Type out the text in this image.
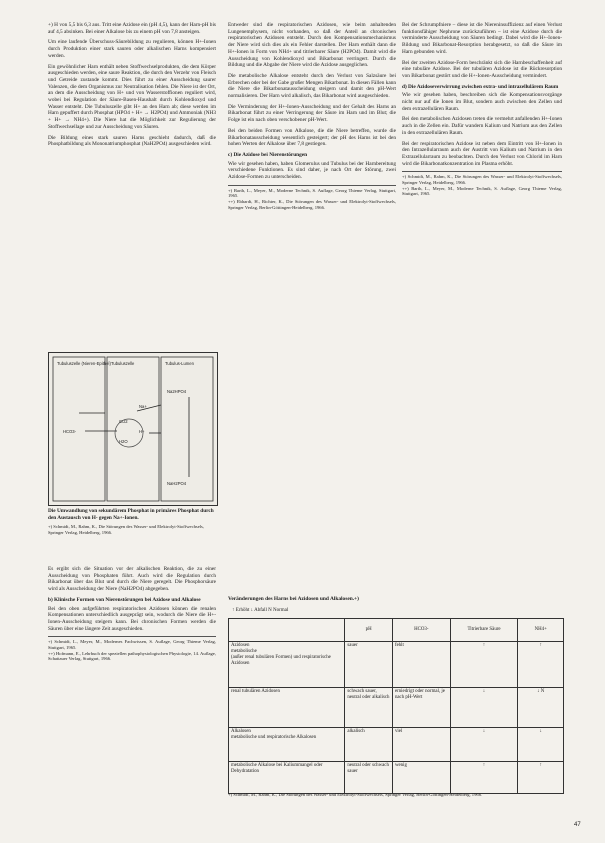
+) H von 5,5 bis 6,3 aus. Tritt eine Azidose ein (pH 4,5), kann der Harn-pH bis auf 4,5 absinken. Bei einer Alkalose bis zu einem pH von 7,8 ansteigen.

Um eine laufende Überschuss-Säurebildung zu regulieren, können H+-Ionen durch Produktion einer stark sauren oder alkalischen Harns kompensiert werden.

Ein gewöhnlicher Harn enthält neben Stoffwechselprodukten, die dem Körper ausgeschieden werden, eine saure Reaktion, die durch den Verzehr von Fleisch und Getreide zustande kommt. Dies führt zu einer Ausscheidung saurer Valenzen, die dem Organismus zur Neutralisation fehlen. Die Niere ist der Ort, an dem die Ausscheidung von H+ und von Wasserstoffionen reguliert wird, wobei bei Regulation der Säure-Basen-Haushalt durch Kohlendioxyd und Wasser entsteht. Die Tubuluszelle gibt H+ an den Harn ab; diese werden im Harn gepuffert durch Phosphat (HPO4 + H+ → H2PO4) und Ammoniak (NH3 + H+ → NH4+). Die Niere hat die Möglichkeit zur Regulierung der Stoffwechsellage und zur Ausscheidung von Säuren.

Die Bildung eines stark sauren Harns geschieht dadurch, daß die Phosphatbildung als Mononatriumphosphat (NaH2PO4) ausgeschieden wird.

Tubuluszelle (Nieren-Epithel) Tubuluszelle	Tubulus-Lumen
Na2HPO4
NaH2PO4
CO2
H2O
H+
HCO3-
Na+
Die Umwandlung von sekundärem Phosphat in primäres Phosphat durch den Austausch von H- gegen Na+-Ionen.
+) Schmidt, M., Rahm, K., Die Störungen des Wasser- und Elektrolyt-Stoffwechsels, Springer Verlag, Heidelberg, 1966.

Es ergibt sich die Situation vor der alkalischen Reaktion, die zu einer Ausscheidung von Phosphaten führt. Auch wird die Regulation durch Bikarbonat über das Blut und durch die Niere geregelt. Die Phosphorsäure wird als Ausscheidung der Niere (NaH2PO4) abgegeben.

b) Klinische Formen von Nierenstörungen bei Azidose und Alkalose

Bei den oben aufgeführten respiratorischen Azidosen können die renalen Kompensationen unterschiedlich ausgeprägt sein, wodurch die Niere die H+-Ionen-Ausscheidung steigern kann. Bei chronischen Formen werden die Säuren über eine längere Zeit ausgeschieden.

+) Schmidt, L., Meyer, M., Modernes Fachwissen, S. Auflage, Georg Thieme Verlag, Stuttgart, 1965.
++) Hofmann, E., Lehrbuch der speziellen pathophysiologischen Physiologie, 14. Auflage, Schattauer Verlag, Stuttgart, 1966.

Entweder sind die respiratorischen Azidosen, wie beim anhaltenden Lungenemphysem, nicht vorhanden, so daß der Anteil an chronischen respiratorischen Azidosen entsteht. Durch den Kompensationsmechanismus der Niere wird sich dies als ein Fehler darstellen. Der Harn enthält dann die H+-Ionen in Form von NH4+ und titrierbarer Säure (H2PO4). Damit wird die Ausscheidung von Kohlendioxyd und Bikarbonat verringert. Durch die Bildung und die Abgabe der Niere wird die Azidose ausgeglichen.

Die metabolische Alkalose entsteht durch den Verlust von Salzsäure bei Erbrechen oder bei der Gabe großer Mengen Bikarbonat. In diesen Fällen kann die Niere die Bikarbonatausscheidung steigern und damit den pH-Wert normalisieren. Der Harn wird alkalisch, das Bikarbonat wird ausgeschieden.

Die Verminderung der H+-Ionen-Ausscheidung und der Gehalt des Harns an Bikarbonat führt zu einer Verringerung der Säure im Harn und im Blut; die Folge ist ein nach oben verschobener pH-Wert.

Bei den beiden Formen von Alkalose, die die Niere betreffen, wurde die Bikarbonatausscheidung wesentlich gesteigert; der pH des Harns ist bei den hohen Werten der Alkalose über 7,8 gestiegen.

c) Die Azidose bei Nierenstörungen

Wie wir gesehen haben, haben Glomerulus und Tubulus bei der Harnbereitung verschiedene Funktionen. Es sind daher, je nach Ort der Störung, zwei Azidose-Formen zu unterscheiden.

+) Barth, L., Meyer, M., Moderne Technik, S. Auflage, Georg Thieme Verlag, Stuttgart, 1965.
++) Ebhardt, H., Richter, K., Die Störungen des Wasser- und Elektrolyt-Stoffwechsels, Springer Verlag, Berlin-Göttingen-Heidelberg, 1966.

Bei der Schrumpfniere – diese ist die Niereninsuffizienz auf einen Verlust funktionsfähiger Nephrone zurückzuführen – ist eine Azidose durch die verminderte Ausscheidung von Säuren bedingt. Dabei wird die H+-Ionen-Bildung und Bikarbonat-Resorption herabgesetzt, so daß die Säure im Harn gebunden wird.

Bei der zweiten Azidose-Form beschränkt sich die Harnbeschaffenheit auf eine tubuläre Azidose. Bei der tubulären Azidose ist die Rückresorption von Bikarbonat gestört und die H+-Ionen-Ausscheidung vermindert.

d) Die Azidoseverwirrung zwischen extra- und intrazellulärem Raum

Wie wir gesehen haben, beschreiben sich die Kompensationsvorgänge nicht nur auf die Ionen im Blut, sondern auch zwischen den Zellen und dem extrazellulären Raum.

Bei den metabolischen Azidosen treten die vermehrt anfallenden H+-Ionen auch in die Zellen ein. Dafür wandern Kalium und Natrium aus den Zellen in den extrazellulären Raum.

Bei der respiratorischen Azidose ist neben dem Eintritt von H+-Ionen in den Intrazellularraum auch der Austritt von Kalium und Natrium in den Extrazellularraum zu beobachten. Durch den Verlust von Chlorid im Harn wird die Bikarbonatkonzentration im Plasma erhöht.

+) Schmidt, M., Rahm, K., Die Störungen des Wasser- und Elektrolyt-Stoffwechsels, Springer Verlag, Heidelberg, 1966.
++) Barth, L., Meyer, M., Moderne Technik, S. Auflage, Georg Thieme Verlag, Stuttgart, 1965.
Veränderungen des Harns bei Azidosen und Alkalosen.+)
↑ Erhöht ↓ Abfall N Normal
	pH	HCO3-	Titrierbare Säure	NH4+
Azidosen
metabolische
(außer renal tubulären Formen) und respiratorische Azidosen	sauer	fehlt	↑	↑
renal tubulären Azidosen	schwach sauer, neutral oder alkalisch	erniedrigt oder normal, je nach pH-Wert	↓	↓ N
Alkalosen
metabolische und respiratorische Alkalosen	alkalisch	viel	↓	↓
metabolische Alkalose bei Kaliummangel oder Dehydratation	neutral oder schwach sauer	wenig	↑	↑
+) Schmidt, M., Rahm, K., Die Störungen des Wasser- und Elektrolyt-Stoffwechsels, Springer Verlag, Berlin-Göttingen-Heidelberg, 1966.
47
